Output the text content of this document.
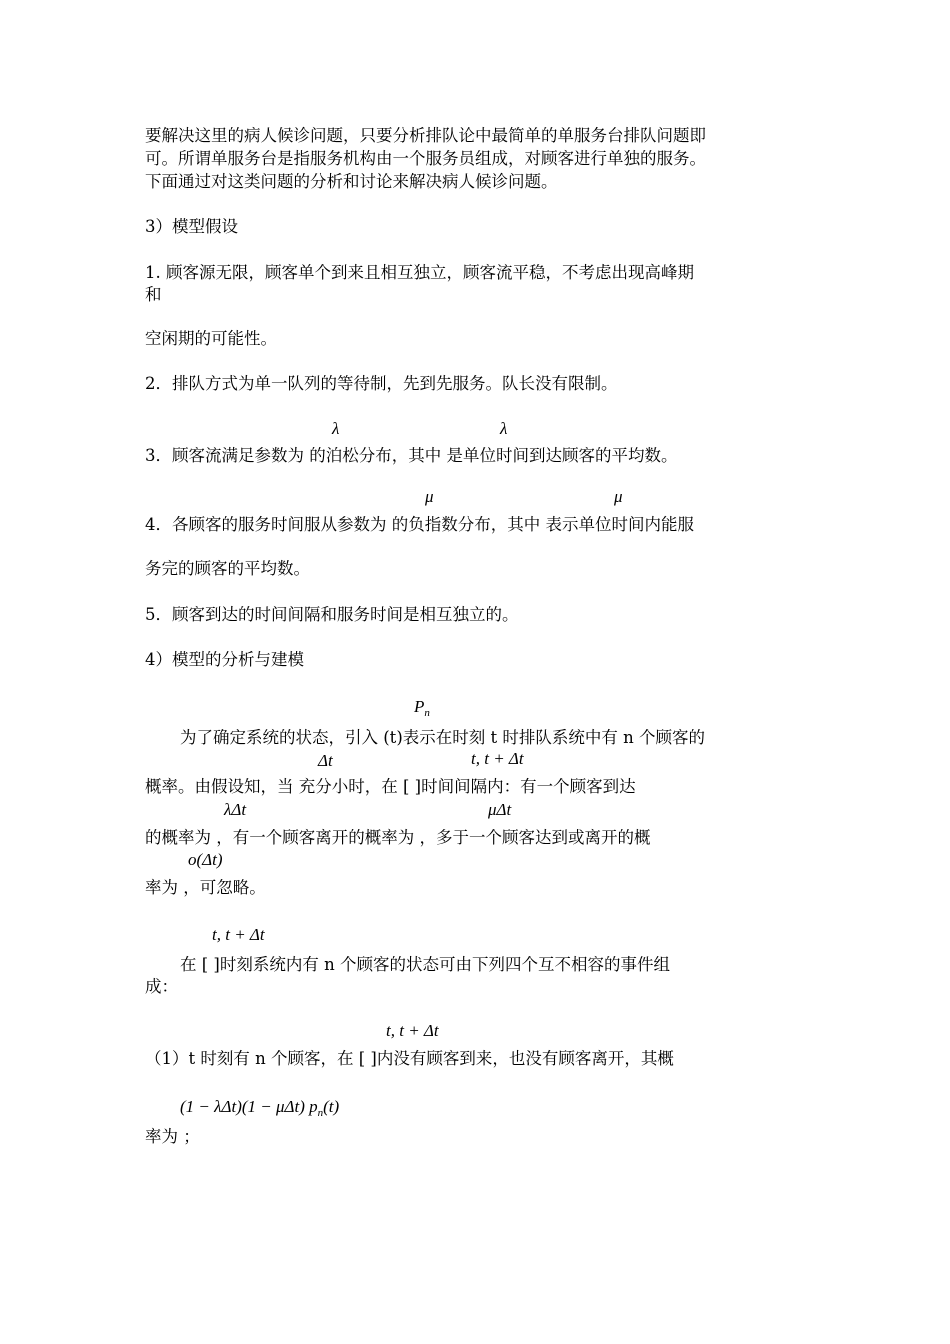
要解决这里的病人候诊问题，只要分析排队论中最简单的单服务台排队问题即
可。所谓单服务台是指服务机构由一个服务员组成，对顾客进行单独的服务。
下面通过对这类问题的分析和讨论来解决病人候诊问题。
3）模型假设
1. 顾客源无限，顾客单个到来且相互独立，顾客流平稳，不考虑出现高峰期
和
空闲期的可能性。
2．排队方式为单一队列的等待制，先到先服务。队长没有限制。
λ	λ
3．顾客流满足参数为 的泊松分布，其中 是单位时间到达顾客的平均数。
μ	μ
4．各顾客的服务时间服从参数为 的负指数分布，其中 表示单位时间内能服
务完的顾客的平均数。
5．顾客到达的时间间隔和服务时间是相互独立的。
4）模型的分析与建模
$P_n$
为了确定系统的状态，引入 (t)表示在时刻 t 时排队系统中有 n 个顾客的
Δt	t, t + Δt
概率。由假设知，当 充分小时，在 [ ]时间间隔内：有一个顾客到达
λΔt	μΔt
的概率为 ，有一个顾客离开的概率为 ，多于一个顾客达到或离开的概
o(Δt)
率为 ，可忽略。
t, t + Δt
在 [ ]时刻系统内有 n 个顾客的状态可由下列四个互不相容的事件组
成：
t, t + Δt
（1）t 时刻有 n 个顾客，在 [ ]内没有顾客到来，也没有顾客离开，其概
(1 − λΔt)(1 − μΔt) $p_n(t)$
率为 ；
